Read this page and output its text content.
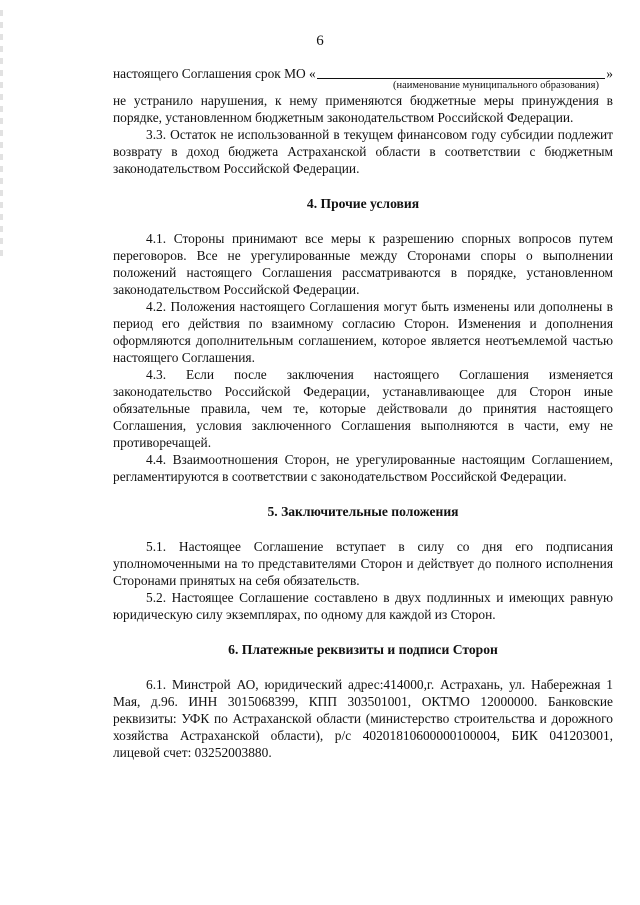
6
настоящего Соглашения срок МО «	»
(наименование муниципального образования)

не устранило нарушения, к нему применяются бюджетные меры принуждения в порядке, установленном бюджетным законодательством Российской Федерации.

3.3. Остаток не использованной в текущем финансовом году субсидии подлежит возврату в доход бюджета Астраханской области в соответствии с бюджетным законодательством Российской Федерации.

4. Прочие условия

4.1. Стороны принимают все меры к разрешению спорных вопросов путем переговоров. Все не урегулированные между Сторонами споры о выполнении положений настоящего Соглашения рассматриваются в порядке, установленном законодательством Российской Федерации.

4.2. Положения настоящего Соглашения могут быть изменены или дополнены в период его действия по взаимному согласию Сторон. Изменения и дополнения оформляются дополнительным соглашением, которое является неотъемлемой частью настоящего Соглашения.

4.3. Если после заключения настоящего Соглашения изменяется законодательство Российской Федерации, устанавливающее для Сторон иные обязательные правила, чем те, которые действовали до принятия настоящего Соглашения, условия заключенного Соглашения выполняются в части, ему не противоречащей.

4.4. Взаимоотношения Сторон, не урегулированные настоящим Соглашением, регламентируются в соответствии с законодательством Российской Федерации.

5. Заключительные положения

5.1. Настоящее Соглашение вступает в силу со дня его подписания уполномоченными на то представителями Сторон и действует до полного исполнения Сторонами принятых на себя обязательств.

5.2. Настоящее Соглашение составлено в двух подлинных и имеющих равную юридическую силу экземплярах, по одному для каждой из Сторон.

6. Платежные реквизиты и подписи Сторон

6.1. Минстрой АО, юридический адрес:414000,г. Астрахань, ул. Набережная 1 Мая, д.96. ИНН 3015068399, КПП 303501001, ОКТМО 12000000. Банковские реквизиты: УФК по Астраханской области (министерство строительства и дорожного хозяйства Астраханской области), р/с 40201810600000100004, БИК 041203001, лицевой счет: 03252003880.
